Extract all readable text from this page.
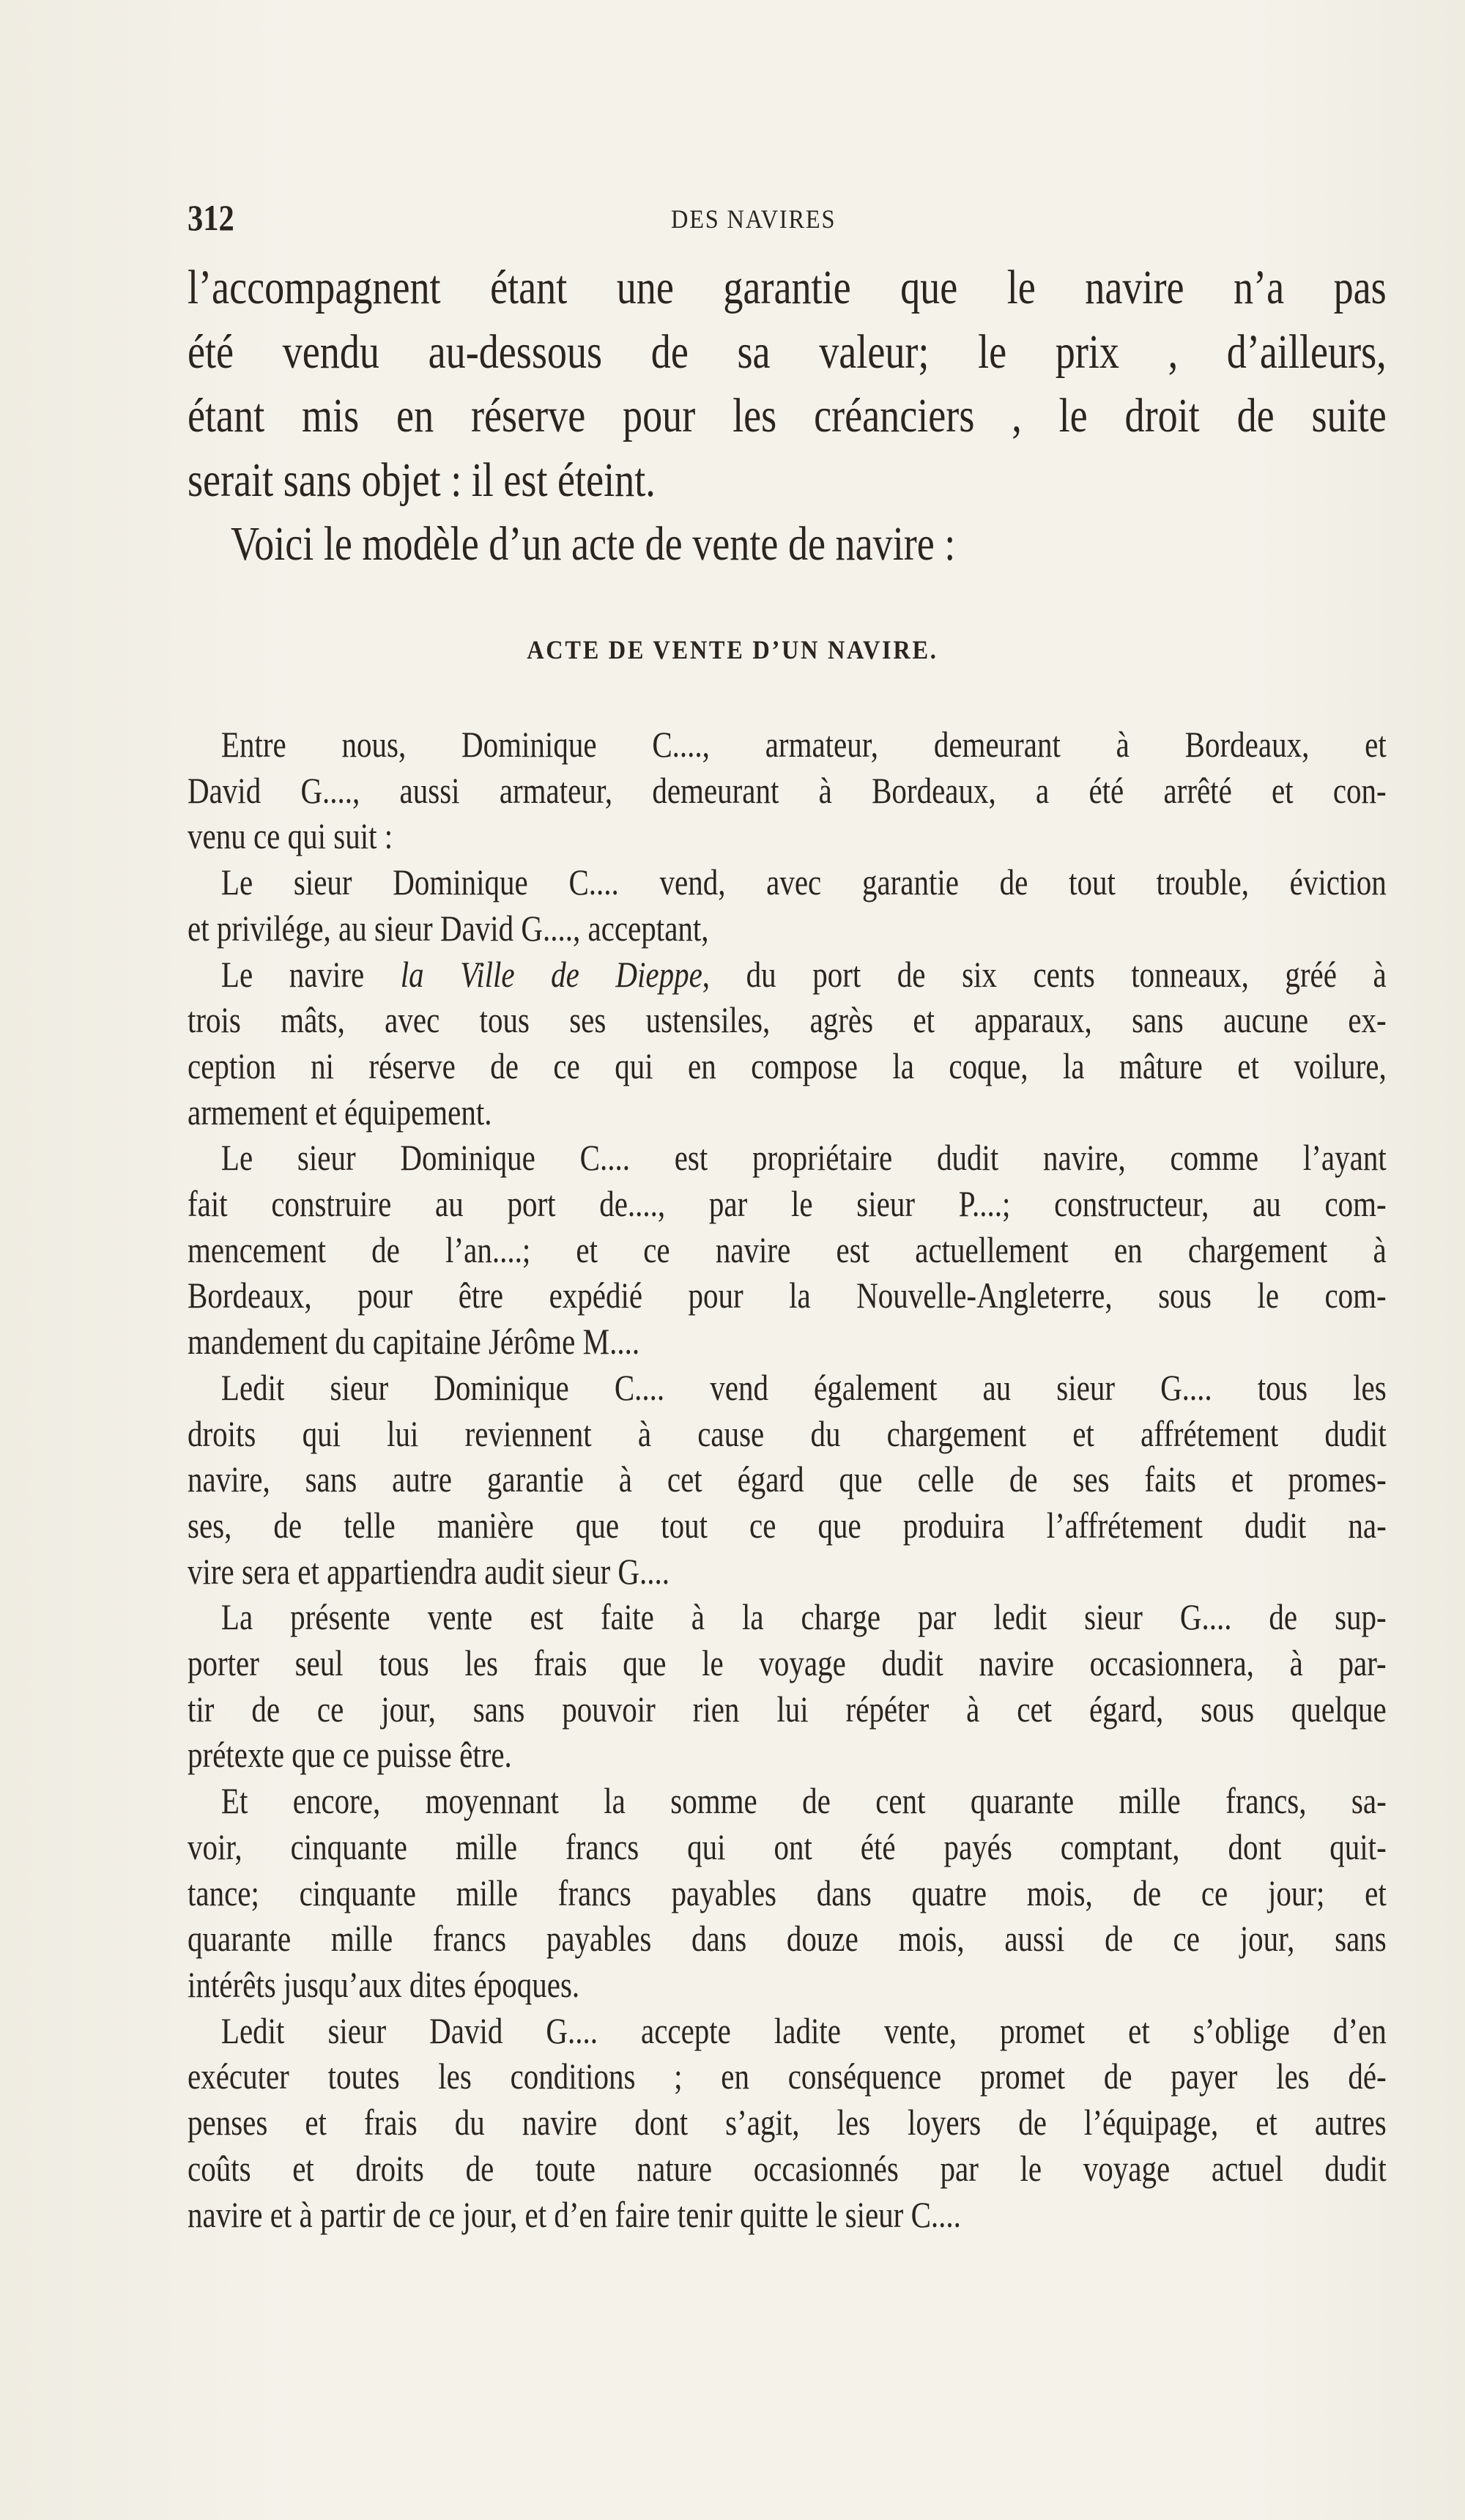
312	DES NAVIRES
l’accompagnent étant une garantie que le navire n’a pas
été vendu au-dessous de sa valeur; le prix , d’ailleurs,
étant mis en réserve pour les créanciers , le droit de suite
serait sans objet : il est éteint.
Voici le modèle d’un acte de vente de navire :
ACTE DE VENTE D’UN NAVIRE.
Entre nous, Dominique C...., armateur, demeurant à Bordeaux, et
David G...., aussi armateur, demeurant à Bordeaux, a été arrêté et con-
venu ce qui suit :
Le sieur Dominique C.... vend, avec garantie de tout trouble, éviction
et privilége, au sieur David G...., acceptant,
Le navire la Ville de Dieppe, du port de six cents tonneaux, gréé à
trois mâts, avec tous ses ustensiles, agrès et apparaux, sans aucune ex-
ception ni réserve de ce qui en compose la coque, la mâture et voilure,
armement et équipement.
Le sieur Dominique C.... est propriétaire dudit navire, comme l’ayant
fait construire au port de...., par le sieur P....; constructeur, au com-
mencement de l’an....; et ce navire est actuellement en chargement à
Bordeaux, pour être expédié pour la Nouvelle-Angleterre, sous le com-
mandement du capitaine Jérôme M....
Ledit sieur Dominique C.... vend également au sieur G.... tous les
droits qui lui reviennent à cause du chargement et affrétement dudit
navire, sans autre garantie à cet égard que celle de ses faits et promes-
ses, de telle manière que tout ce que produira l’affrétement dudit na-
vire sera et appartiendra audit sieur G....
La présente vente est faite à la charge par ledit sieur G.... de sup-
porter seul tous les frais que le voyage dudit navire occasionnera, à par-
tir de ce jour, sans pouvoir rien lui répéter à cet égard, sous quelque
prétexte que ce puisse être.
Et encore, moyennant la somme de cent quarante mille francs, sa-
voir, cinquante mille francs qui ont été payés comptant, dont quit-
tance; cinquante mille francs payables dans quatre mois, de ce jour; et
quarante mille francs payables dans douze mois, aussi de ce jour, sans
intérêts jusqu’aux dites époques.
Ledit sieur David G.... accepte ladite vente, promet et s’oblige d’en
exécuter toutes les conditions ; en conséquence promet de payer les dé-
penses et frais du navire dont s’agit, les loyers de l’équipage, et autres
coûts et droits de toute nature occasionnés par le voyage actuel dudit
navire et à partir de ce jour, et d’en faire tenir quitte le sieur C....
